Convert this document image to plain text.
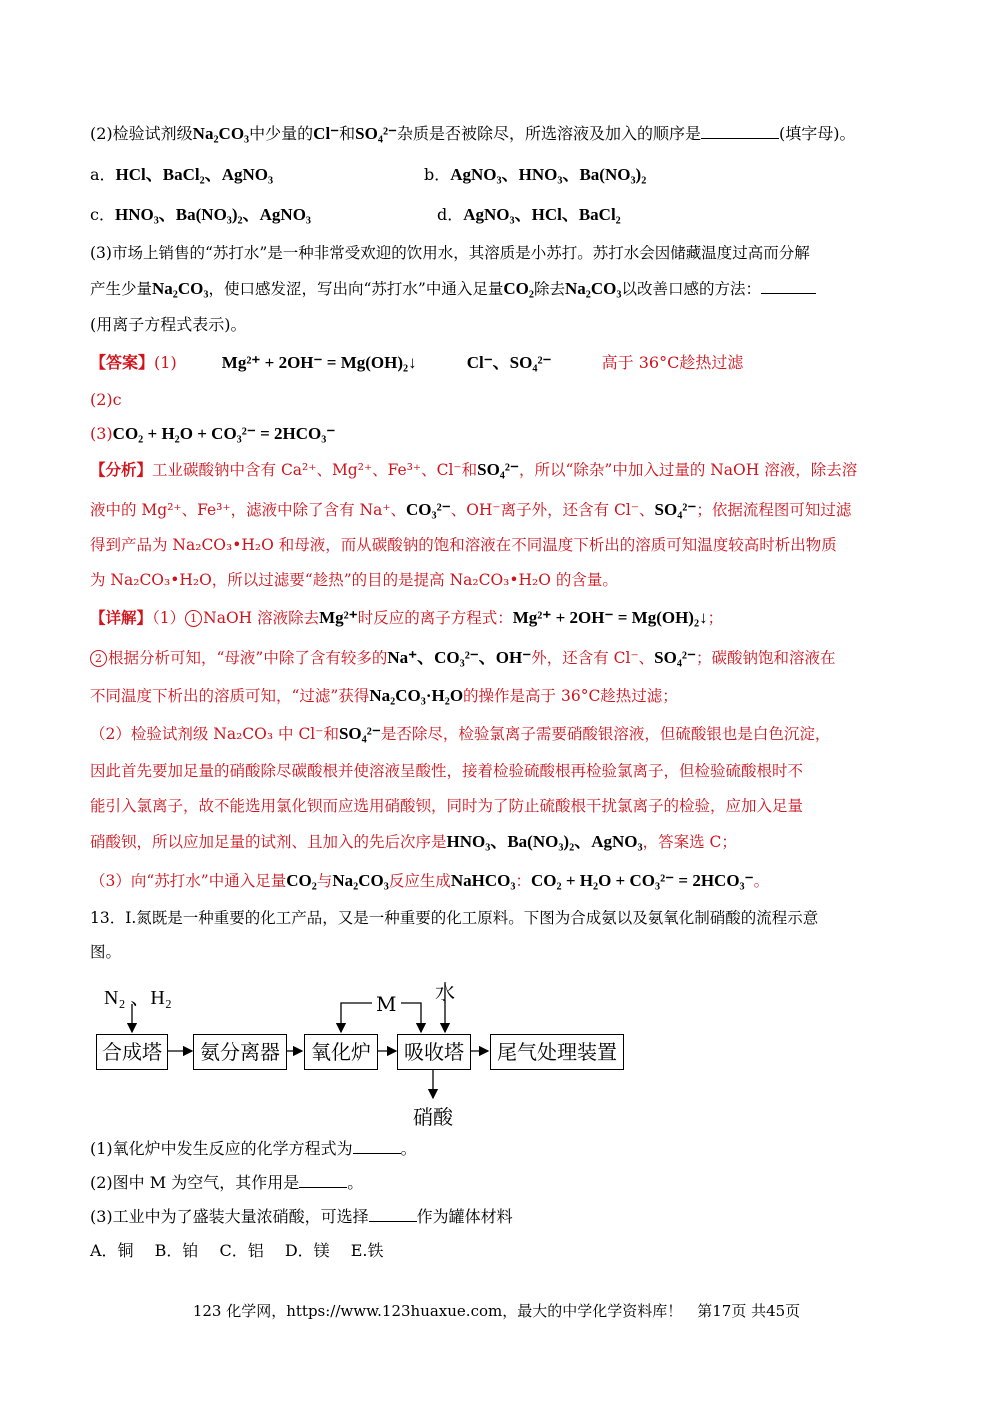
(2)检验试剂级Na₂CO₃中少量的Cl⁻和SO₄²⁻杂质是否被除尽，所选溶液及加入的顺序是	(填字母)。
a．HCl、BaCl₂、AgNO₃	b．AgNO₃、HNO₃、Ba(NO₃)₂
c．HNO₃、Ba(NO₃)₂、AgNO₃	d．AgNO₃、HCl、BaCl₂
(3)市场上销售的“苏打水”是一种非常受欢迎的饮用水，其溶质是小苏打。苏打水会因储藏温度过高而分解
产生少量Na₂CO₃，使口感发涩，写出向“苏打水”中通入足量CO₂除去Na₂CO₃以改善口感的方法：
(用离子方程式表示)。
【答案】(1)	Mg²⁺ + 2OH⁻ = Mg(OH)₂↓	Cl⁻、SO₄²⁻	高于 36°C趁热过滤
(2)c
(3)CO₂ + H₂O + CO₃²⁻ = 2HCO₃⁻
【分析】工业碳酸钠中含有 Ca²⁺、Mg²⁺、Fe³⁺、Cl⁻和SO₄²⁻，所以“除杂”中加入过量的 NaOH 溶液，除去溶
液中的 Mg²⁺、Fe³⁺，滤液中除了含有 Na⁺、CO₃²⁻、OH⁻离子外，还含有 Cl⁻、SO₄²⁻；依据流程图可知过滤
得到产品为 Na₂CO₃•H₂O 和母液，而从碳酸钠的饱和溶液在不同温度下析出的溶质可知温度较高时析出物质
为 Na₂CO₃•H₂O，所以过滤要“趁热”的目的是提高 Na₂CO₃•H₂O 的含量。
【详解】（1） 1 NaOH 溶液除去Mg²⁺时反应的离子方程式：Mg²⁺ + 2OH⁻ = Mg(OH)₂↓；
2 根据分析可知，“母液”中除了含有较多的Na⁺、CO₃²⁻、OH⁻外，还含有 Cl⁻、SO₄²⁻；碳酸钠饱和溶液在
不同温度下析出的溶质可知，“过滤”获得Na₂CO₃·H₂O的操作是高于 36°C趁热过滤；
（2）检验试剂级 Na₂CO₃ 中 Cl⁻和SO₄²⁻是否除尽，检验氯离子需要硝酸银溶液，但硫酸银也是白色沉淀，
因此首先要加足量的硝酸除尽碳酸根并使溶液呈酸性，接着检验硫酸根再检验氯离子，但检验硫酸根时不
能引入氯离子，故不能选用氯化钡而应选用硝酸钡，同时为了防止硫酸根干扰氯离子的检验，应加入足量
硝酸钡，所以应加足量的试剂、且加入的先后次序是HNO₃、Ba(NO₃)₂、AgNO₃，答案选 C；
（3）向“苏打水”中通入足量CO₂与Na₂CO₃反应生成NaHCO₃：CO₂ + H₂O + CO₃²⁻ = 2HCO₃⁻。
13．I.氮既是一种重要的化工产品，又是一种重要的化工原料。下图为合成氨以及氨氧化制硝酸的流程示意
图。
N₂ 、H₂	M 水
合成塔	氨分离器	氧化炉	吸收塔	尾气处理装置
硝酸
(1)氧化炉中发生反应的化学方程式为	。
(2)图中 M 为空气，其作用是	。
(3)工业中为了盛装大量浓硝酸，可选择	作为罐体材料
A．铜　 B．铂　 C．铝　 D．镁　 E.铁
123 化学网，https://www.123huaxue.com，最大的中学化学资料库！　第17页 共45页
